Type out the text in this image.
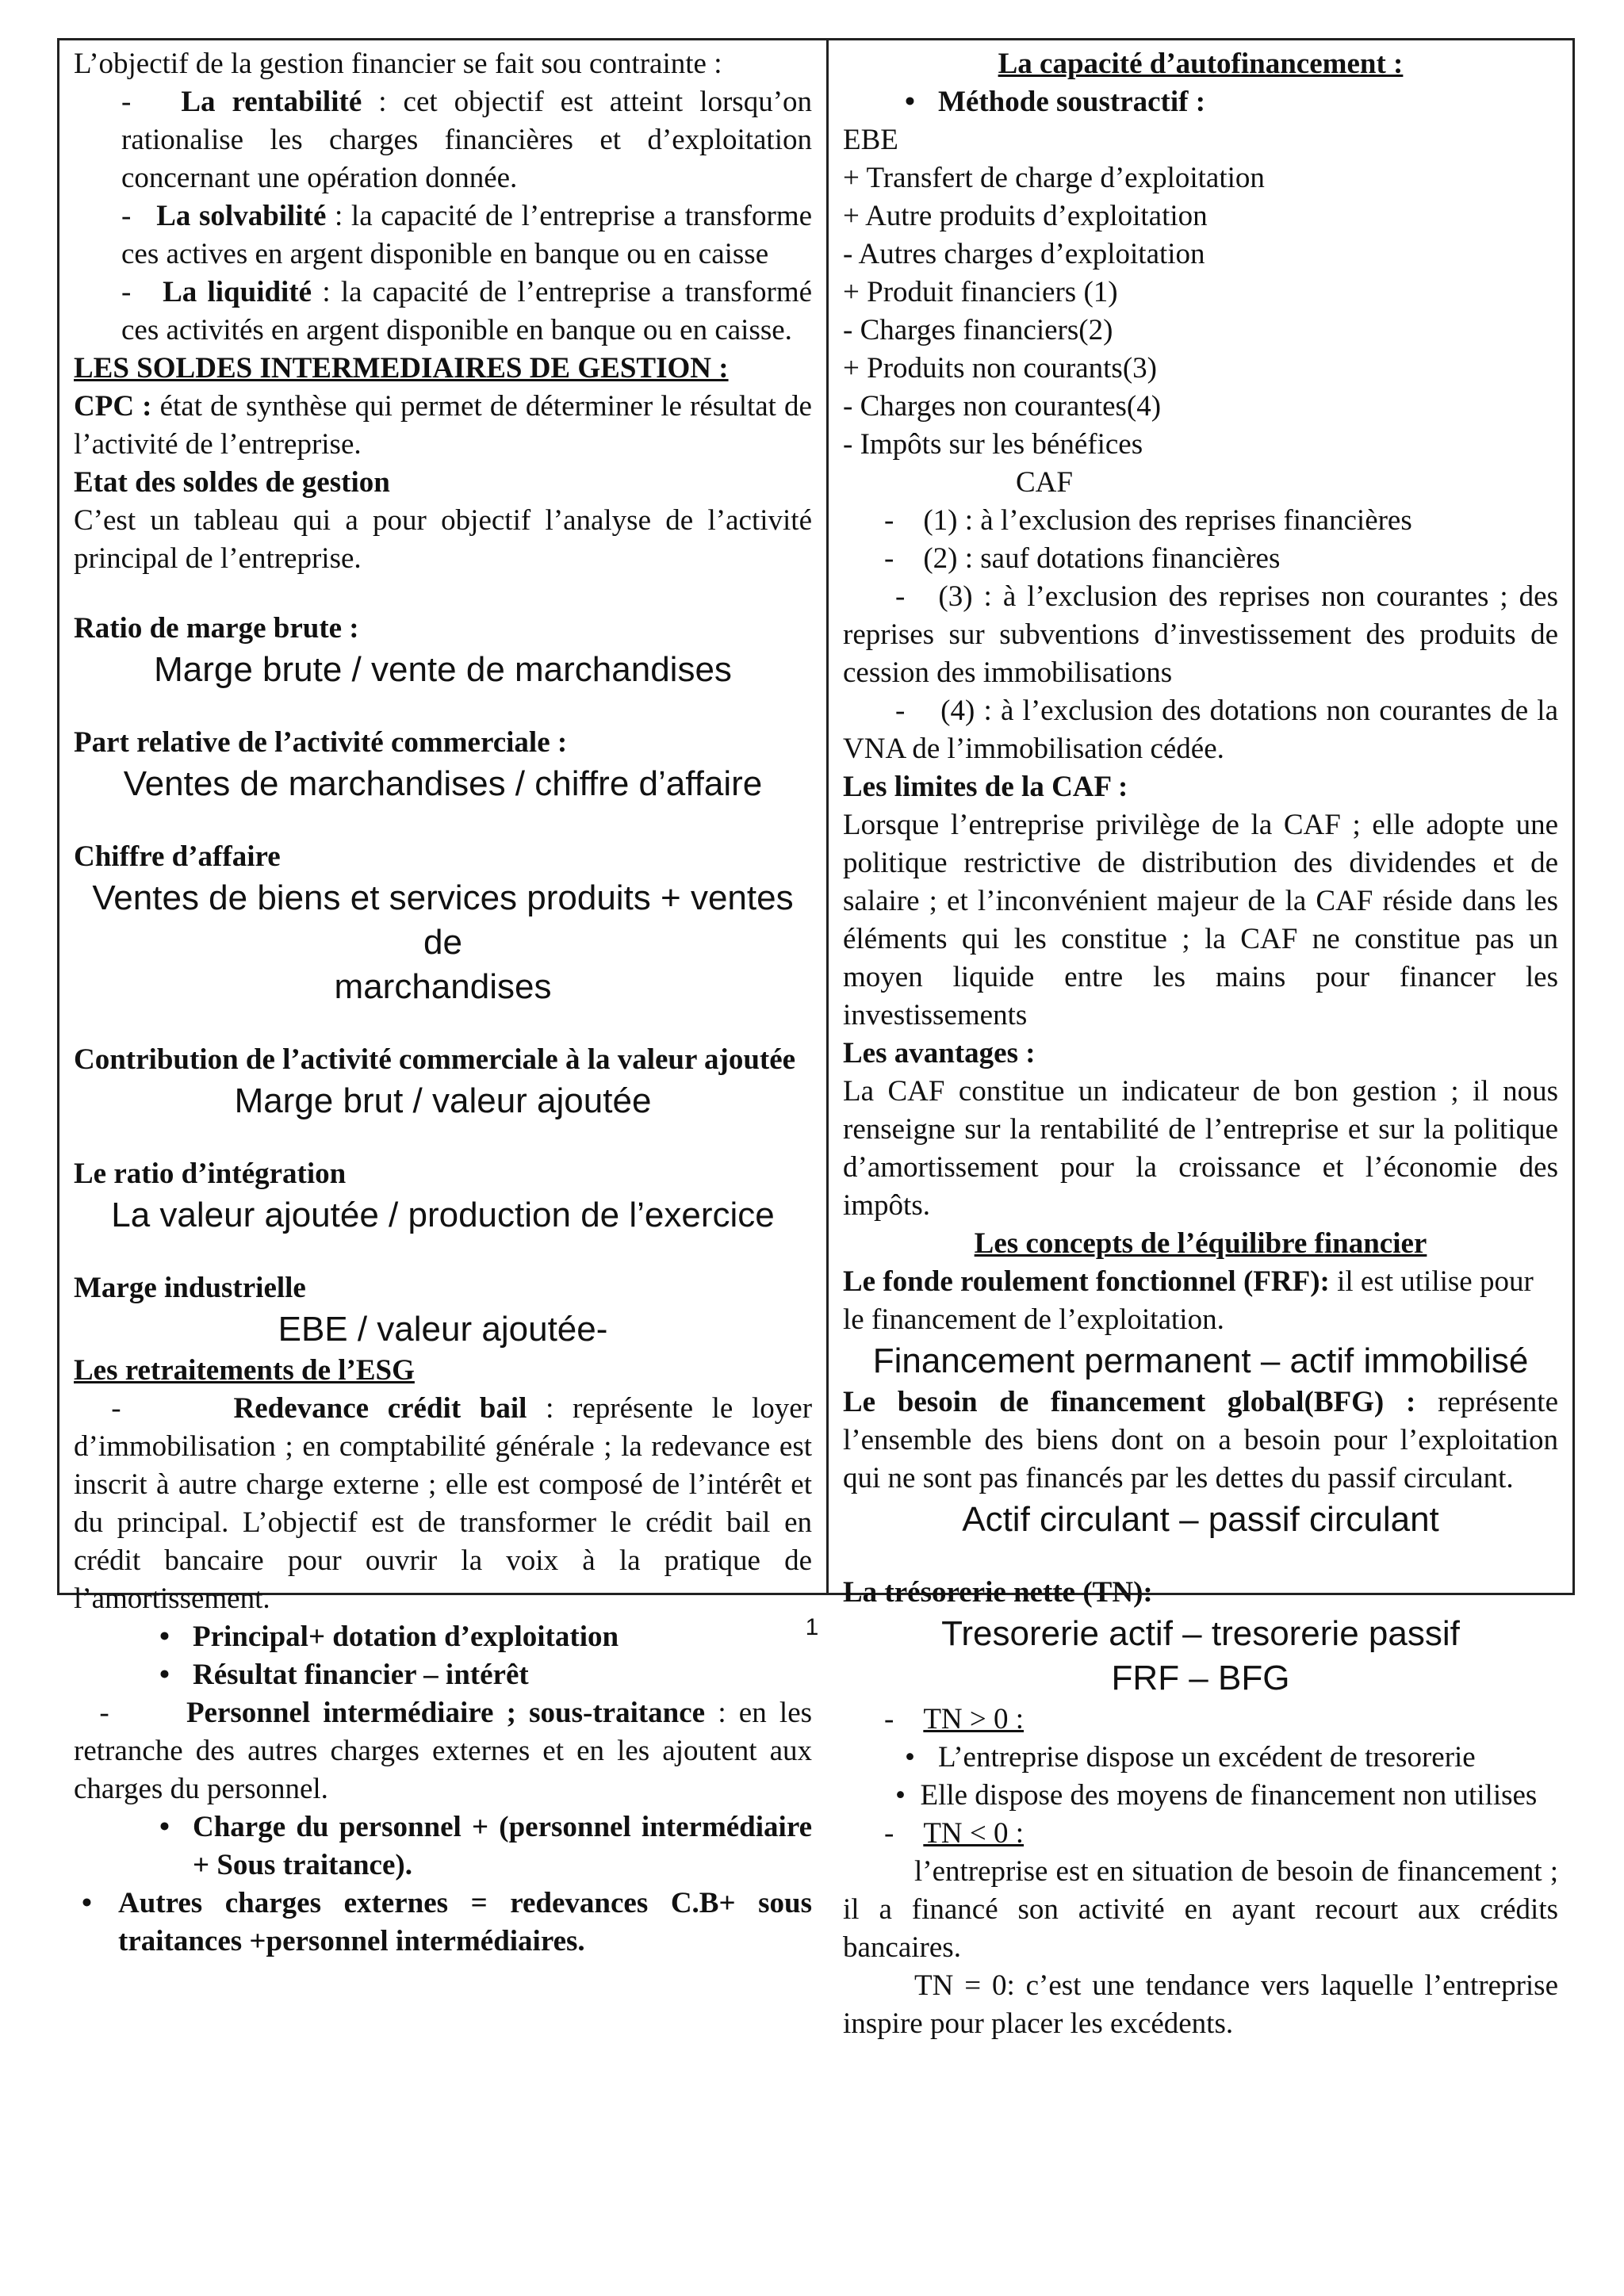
L’objectif de la gestion financier se fait sou contrainte :

- La rentabilité : cet objectif est atteint lorsqu’on rationalise les charges financières et d’exploitation concernant une opération donnée.

- La solvabilité : la capacité de l’entreprise a transforme ces actives en argent disponible en banque ou en caisse

- La liquidité : la capacité de l’entreprise a transformé ces activités en argent disponible en banque ou en caisse.

LES SOLDES INTERMEDIAIRES DE GESTION :

CPC : état de synthèse qui permet de déterminer le résultat de l’activité de l’entreprise.

Etat des soldes de gestion

C’est un tableau qui a pour objectif l’analyse de l’activité principal de l’entreprise.

Ratio de marge brute :

Marge brute / vente de marchandises

Part relative de l’activité commerciale :

Ventes de marchandises / chiffre d’affaire

Chiffre d’affaire

Ventes de biens et services produits + ventes de

marchandises

Contribution de l’activité commerciale à la valeur ajoutée

Marge brut / valeur ajoutée

Le ratio d’intégration

La valeur ajoutée / production de l’exercice

Marge industrielle

EBE / valeur ajoutée-

Les retraitements de l’ESG

-	Redevance crédit bail : représente le loyer d’immobilisation ; en comptabilité générale ; la redevance est inscrit à autre charge externe ; elle est composé de l’intérêt et du principal. L’objectif est de transformer le crédit bail en crédit bancaire pour ouvrir la voix à la pratique de l’amortissement.

• Principal+ dotation d’exploitation

• Résultat financier – intérêt

-	Personnel intermédiaire ; sous-traitance : en les retranche des autres charges externes et en les ajoutent aux charges du personnel.

• Charge du personnel + (personnel intermédiaire + Sous traitance).

• Autres charges externes = redevances C.B+ sous traitances +personnel intermédiaires.

La capacité d’autofinancement :

• Méthode soustractif :

EBE

+ Transfert de charge d’exploitation

+ Autre produits d’exploitation

- Autres charges d’exploitation

+ Produit financiers (1)

- Charges financiers(2)

+ Produits non courants(3)

- Charges non courantes(4)

- Impôts sur les bénéfices

CAF

- (1) : à l’exclusion des reprises financières

- (2) : sauf dotations financières

- (3) : à l’exclusion des reprises non courantes ; des reprises sur subventions d’investissement des produits de cession des immobilisations

- (4) : à l’exclusion des dotations non courantes de la VNA de l’immobilisation cédée.

Les limites de la CAF :

Lorsque l’entreprise privilège de la CAF ; elle adopte une politique restrictive de distribution des dividendes et de salaire ; et l’inconvénient majeur de la CAF réside dans les éléments qui les constitue ; la CAF ne constitue pas un moyen liquide entre les mains pour financer les investissements

Les avantages :

La CAF constitue un indicateur de bon gestion ; il nous renseigne sur la rentabilité de l’entreprise et sur la politique d’amortissement pour la croissance et l’économie des impôts.

Les concepts de l’équilibre financier

Le fonde roulement fonctionnel (FRF): il est utilise pour le financement de l’exploitation.

Financement permanent – actif immobilisé

Le besoin de financement global(BFG) : représente l’ensemble des biens dont on a besoin pour l’exploitation qui ne sont pas financés par les dettes du passif circulant.

Actif circulant – passif circulant

La trésorerie nette (TN):

Tresorerie actif – tresorerie passif

FRF – BFG

- TN > 0 :

• L’entreprise dispose un excédent de tresorerie

• Elle dispose des moyens de financement non utilises

- TN < 0 :

l’entreprise est en situation de besoin de financement ; il a financé son activité en ayant recourt aux crédits bancaires.

TN = 0: c’est une tendance vers laquelle l’entreprise inspire pour placer les excédents.

1
